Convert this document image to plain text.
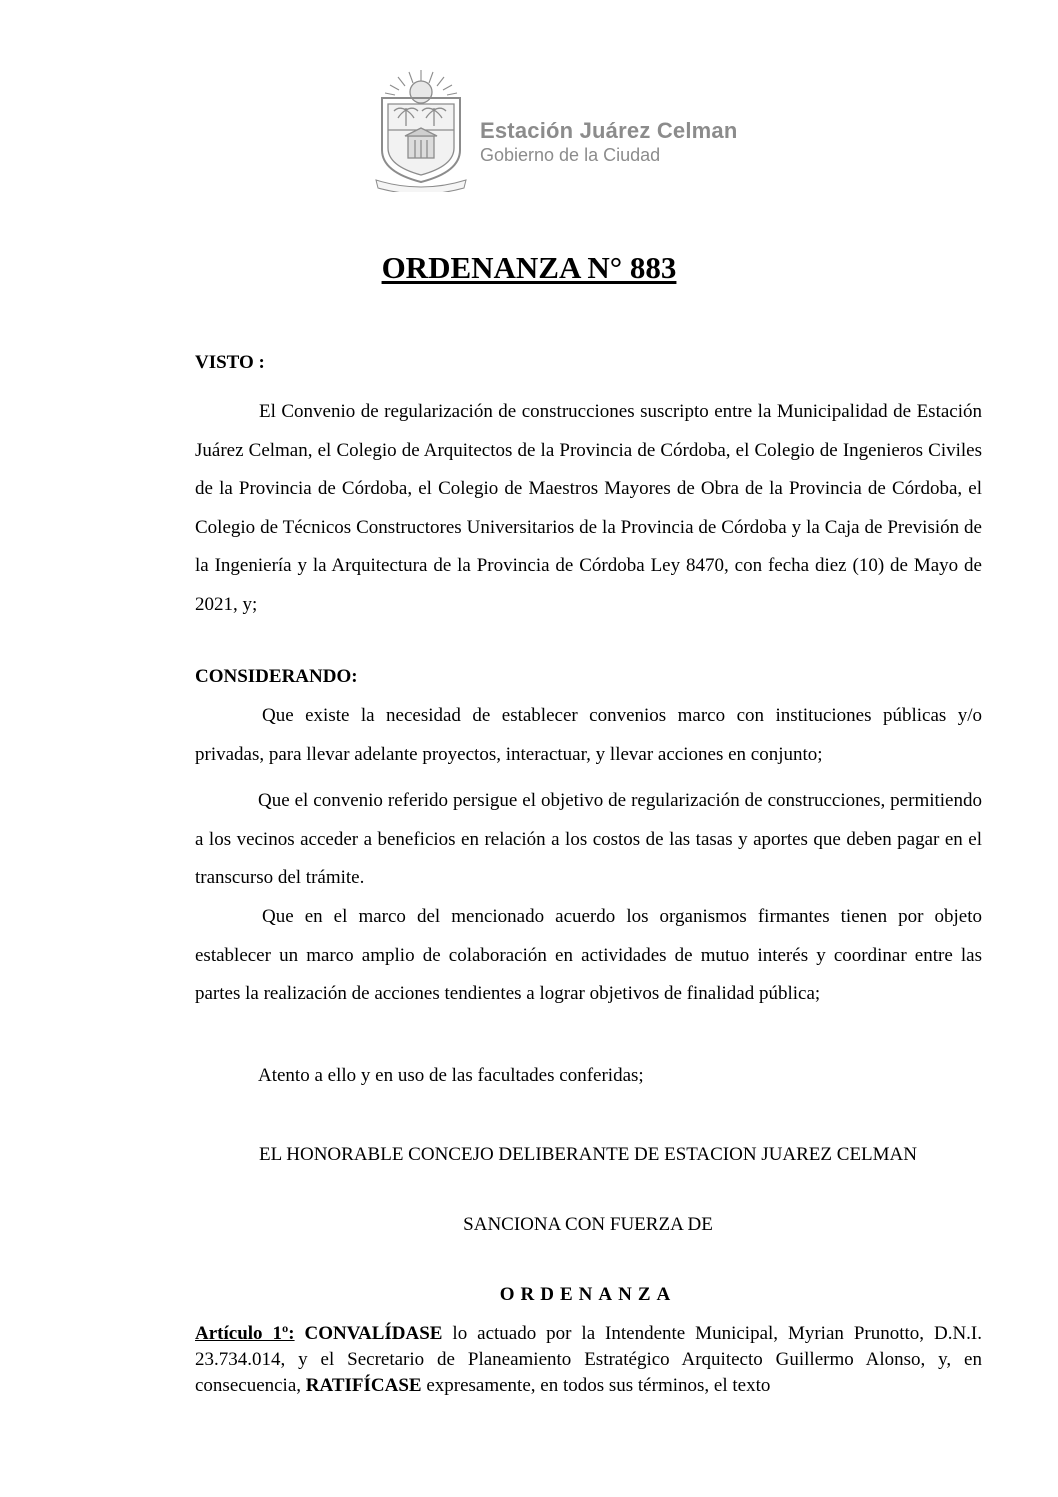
Estación Juárez Celman
Gobierno de la Ciudad
ORDENANZA N° 883
VISTO :

El Convenio de regularización de construcciones suscripto entre la Municipalidad de Estación Juárez Celman, el Colegio de Arquitectos de la Provincia de Córdoba, el Colegio de Ingenieros Civiles de la Provincia de Córdoba, el Colegio de Maestros Mayores de Obra de la Provincia de Córdoba, el Colegio de Técnicos Constructores Universitarios de la Provincia de Córdoba y la Caja de Previsión de la Ingeniería y la Arquitectura de la Provincia de Córdoba Ley 8470, con fecha diez (10) de Mayo de 2021, y;

CONSIDERANDO:

Que existe la necesidad de establecer convenios marco con instituciones públicas y/o privadas, para llevar adelante proyectos, interactuar, y llevar acciones en conjunto;

Que el convenio referido persigue el objetivo de regularización de construcciones, permitiendo a los vecinos acceder a beneficios en relación a los costos de las tasas y aportes que deben pagar en el transcurso del trámite.

Que en el marco del mencionado acuerdo los organismos firmantes tienen por objeto establecer un marco amplio de colaboración en actividades de mutuo interés y coordinar entre las partes la realización de acciones tendientes a lograr objetivos de finalidad pública;

Atento a ello y en uso de las facultades conferidas;

EL HONORABLE CONCEJO DELIBERANTE DE ESTACION JUAREZ CELMAN

SANCIONA CON FUERZA DE

ORDENANZA

Artículo 1º: CONVALÍDASE lo actuado por la Intendente Municipal, Myrian Prunotto, D.N.I. 23.734.014, y el Secretario de Planeamiento Estratégico Arquitecto Guillermo Alonso, y, en consecuencia, RATIFÍCASE expresamente, en todos sus términos, el texto
